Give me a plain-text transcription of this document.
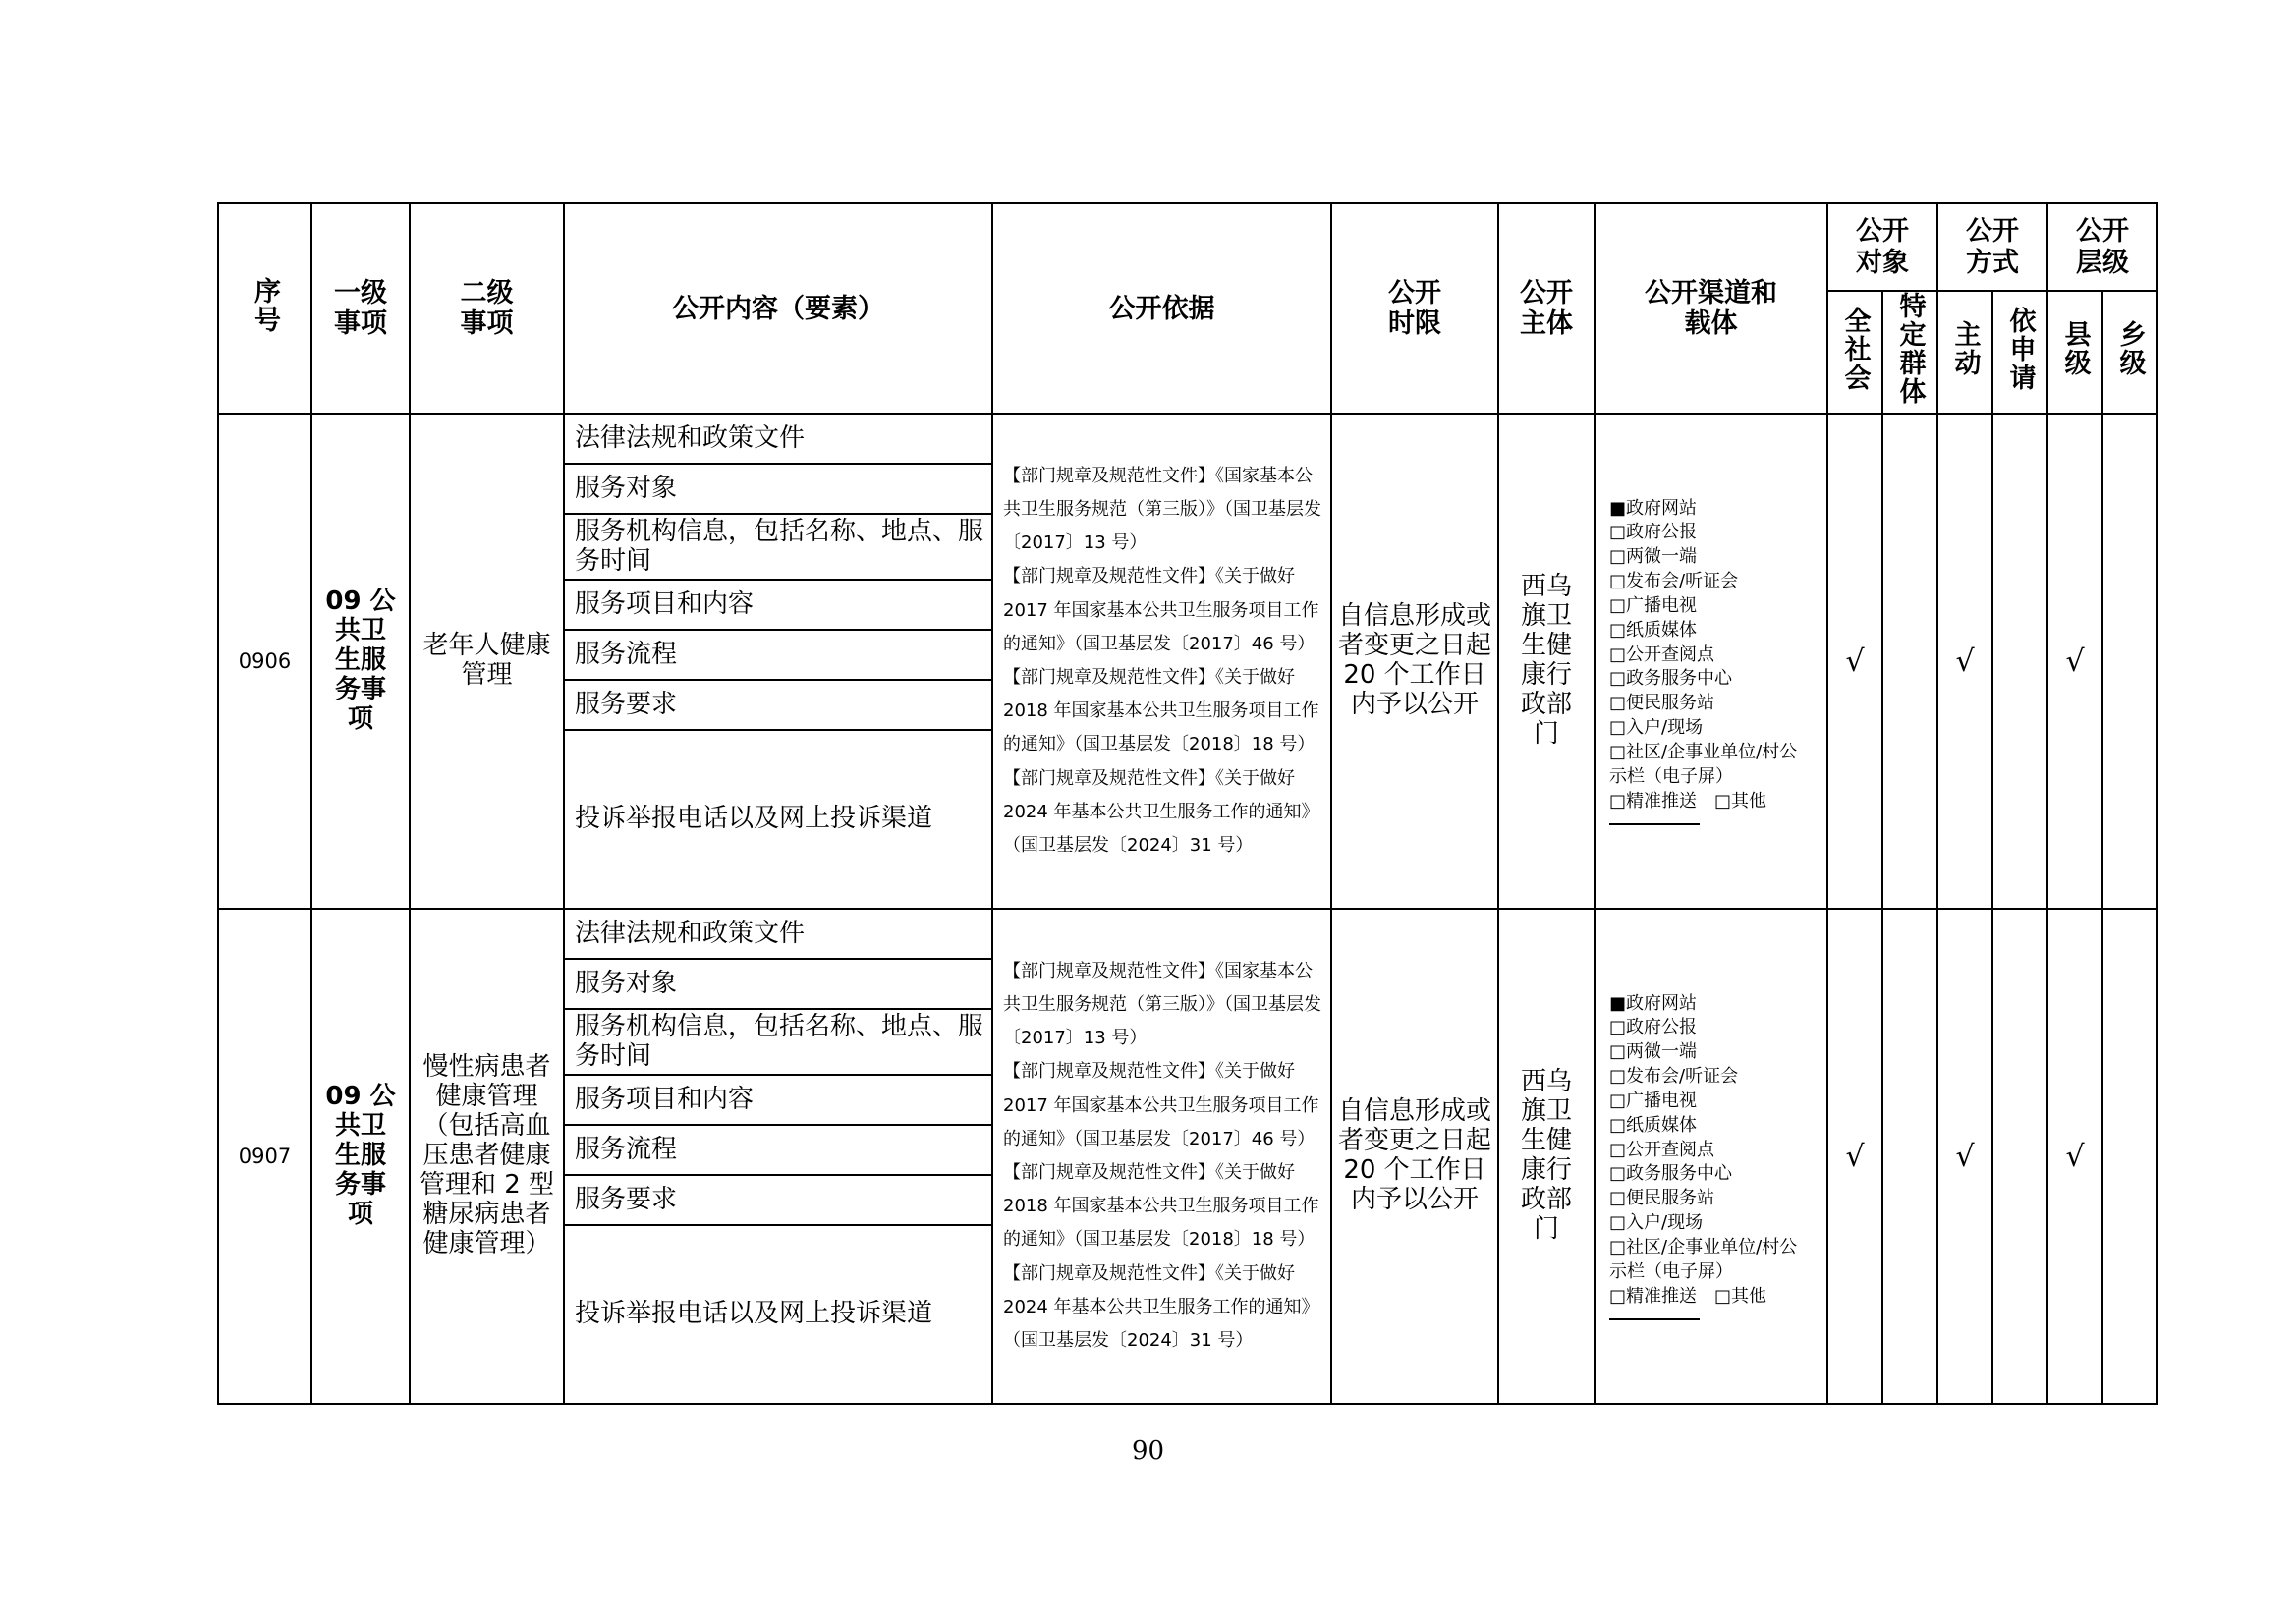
序号	一级事项	二级事项	公开内容（要素）	公开依据	公开时限	公开主体	公开渠道和载体	公开对象		公开方式		公开层级	

								全社会	特定群体	主动	依申请	县级	乡级
0906	09 公共卫生服务事项	老年人健康管理	法律法规和政策文件	【部门规章及规范性文件】《国家基本公共卫生服务规范（第三版）》（国卫基层发〔2017〕13 号）
【部门规章及规范性文件】《关于做好 2017 年国家基本公共卫生服务项目工作的通知》（国卫基层发〔2017〕46 号）
【部门规章及规范性文件】《关于做好 2018 年国家基本公共卫生服务项目工作的通知》（国卫基层发〔2018〕18 号）
【部门规章及规范性文件】《关于做好 2024 年基本公共卫生服务工作的通知》（国卫基层发〔2024〕31 号）	自信息形成或者变更之日起 20 个工作日内予以公开	西乌旗卫生健康行政部门	■政府网站□政府公报□两微一端□发布会/听证会□广播电视□纸质媒体□公开查阅点□政务服务中心□便民服务站□入户/现场□社区/企事业单位/村公示栏（电子屏）□精准推送 □其他	√		√		√	
			服务对象										
			服务机构信息，包括名称、地点、服务时间										
			服务项目和内容										
			服务流程										
			服务要求										
			投诉举报电话以及网上投诉渠道										
0907	09 公共卫生服务事项	慢性病患者健康管理（包括高血压患者健康管理和 2 型糖尿病患者健康管理）	法律法规和政策文件	【部门规章及规范性文件】《国家基本公共卫生服务规范（第三版）》（国卫基层发〔2017〕13 号）
【部门规章及规范性文件】《关于做好 2017 年国家基本公共卫生服务项目工作的通知》（国卫基层发〔2017〕46 号）
【部门规章及规范性文件】《关于做好 2018 年国家基本公共卫生服务项目工作的通知》（国卫基层发〔2018〕18 号）
【部门规章及规范性文件】《关于做好 2024 年基本公共卫生服务工作的通知》（国卫基层发〔2024〕31 号）	自信息形成或者变更之日起 20 个工作日内予以公开	西乌旗卫生健康行政部门	■政府网站□政府公报□两微一端□发布会/听证会□广播电视□纸质媒体□公开查阅点□政务服务中心□便民服务站□入户/现场□社区/企事业单位/村公示栏（电子屏）□精准推送 □其他	√		√		√	
			服务对象										
			服务机构信息，包括名称、地点、服务时间										
			服务项目和内容										
			服务流程										
			服务要求										
			投诉举报电话以及网上投诉渠道										
90
